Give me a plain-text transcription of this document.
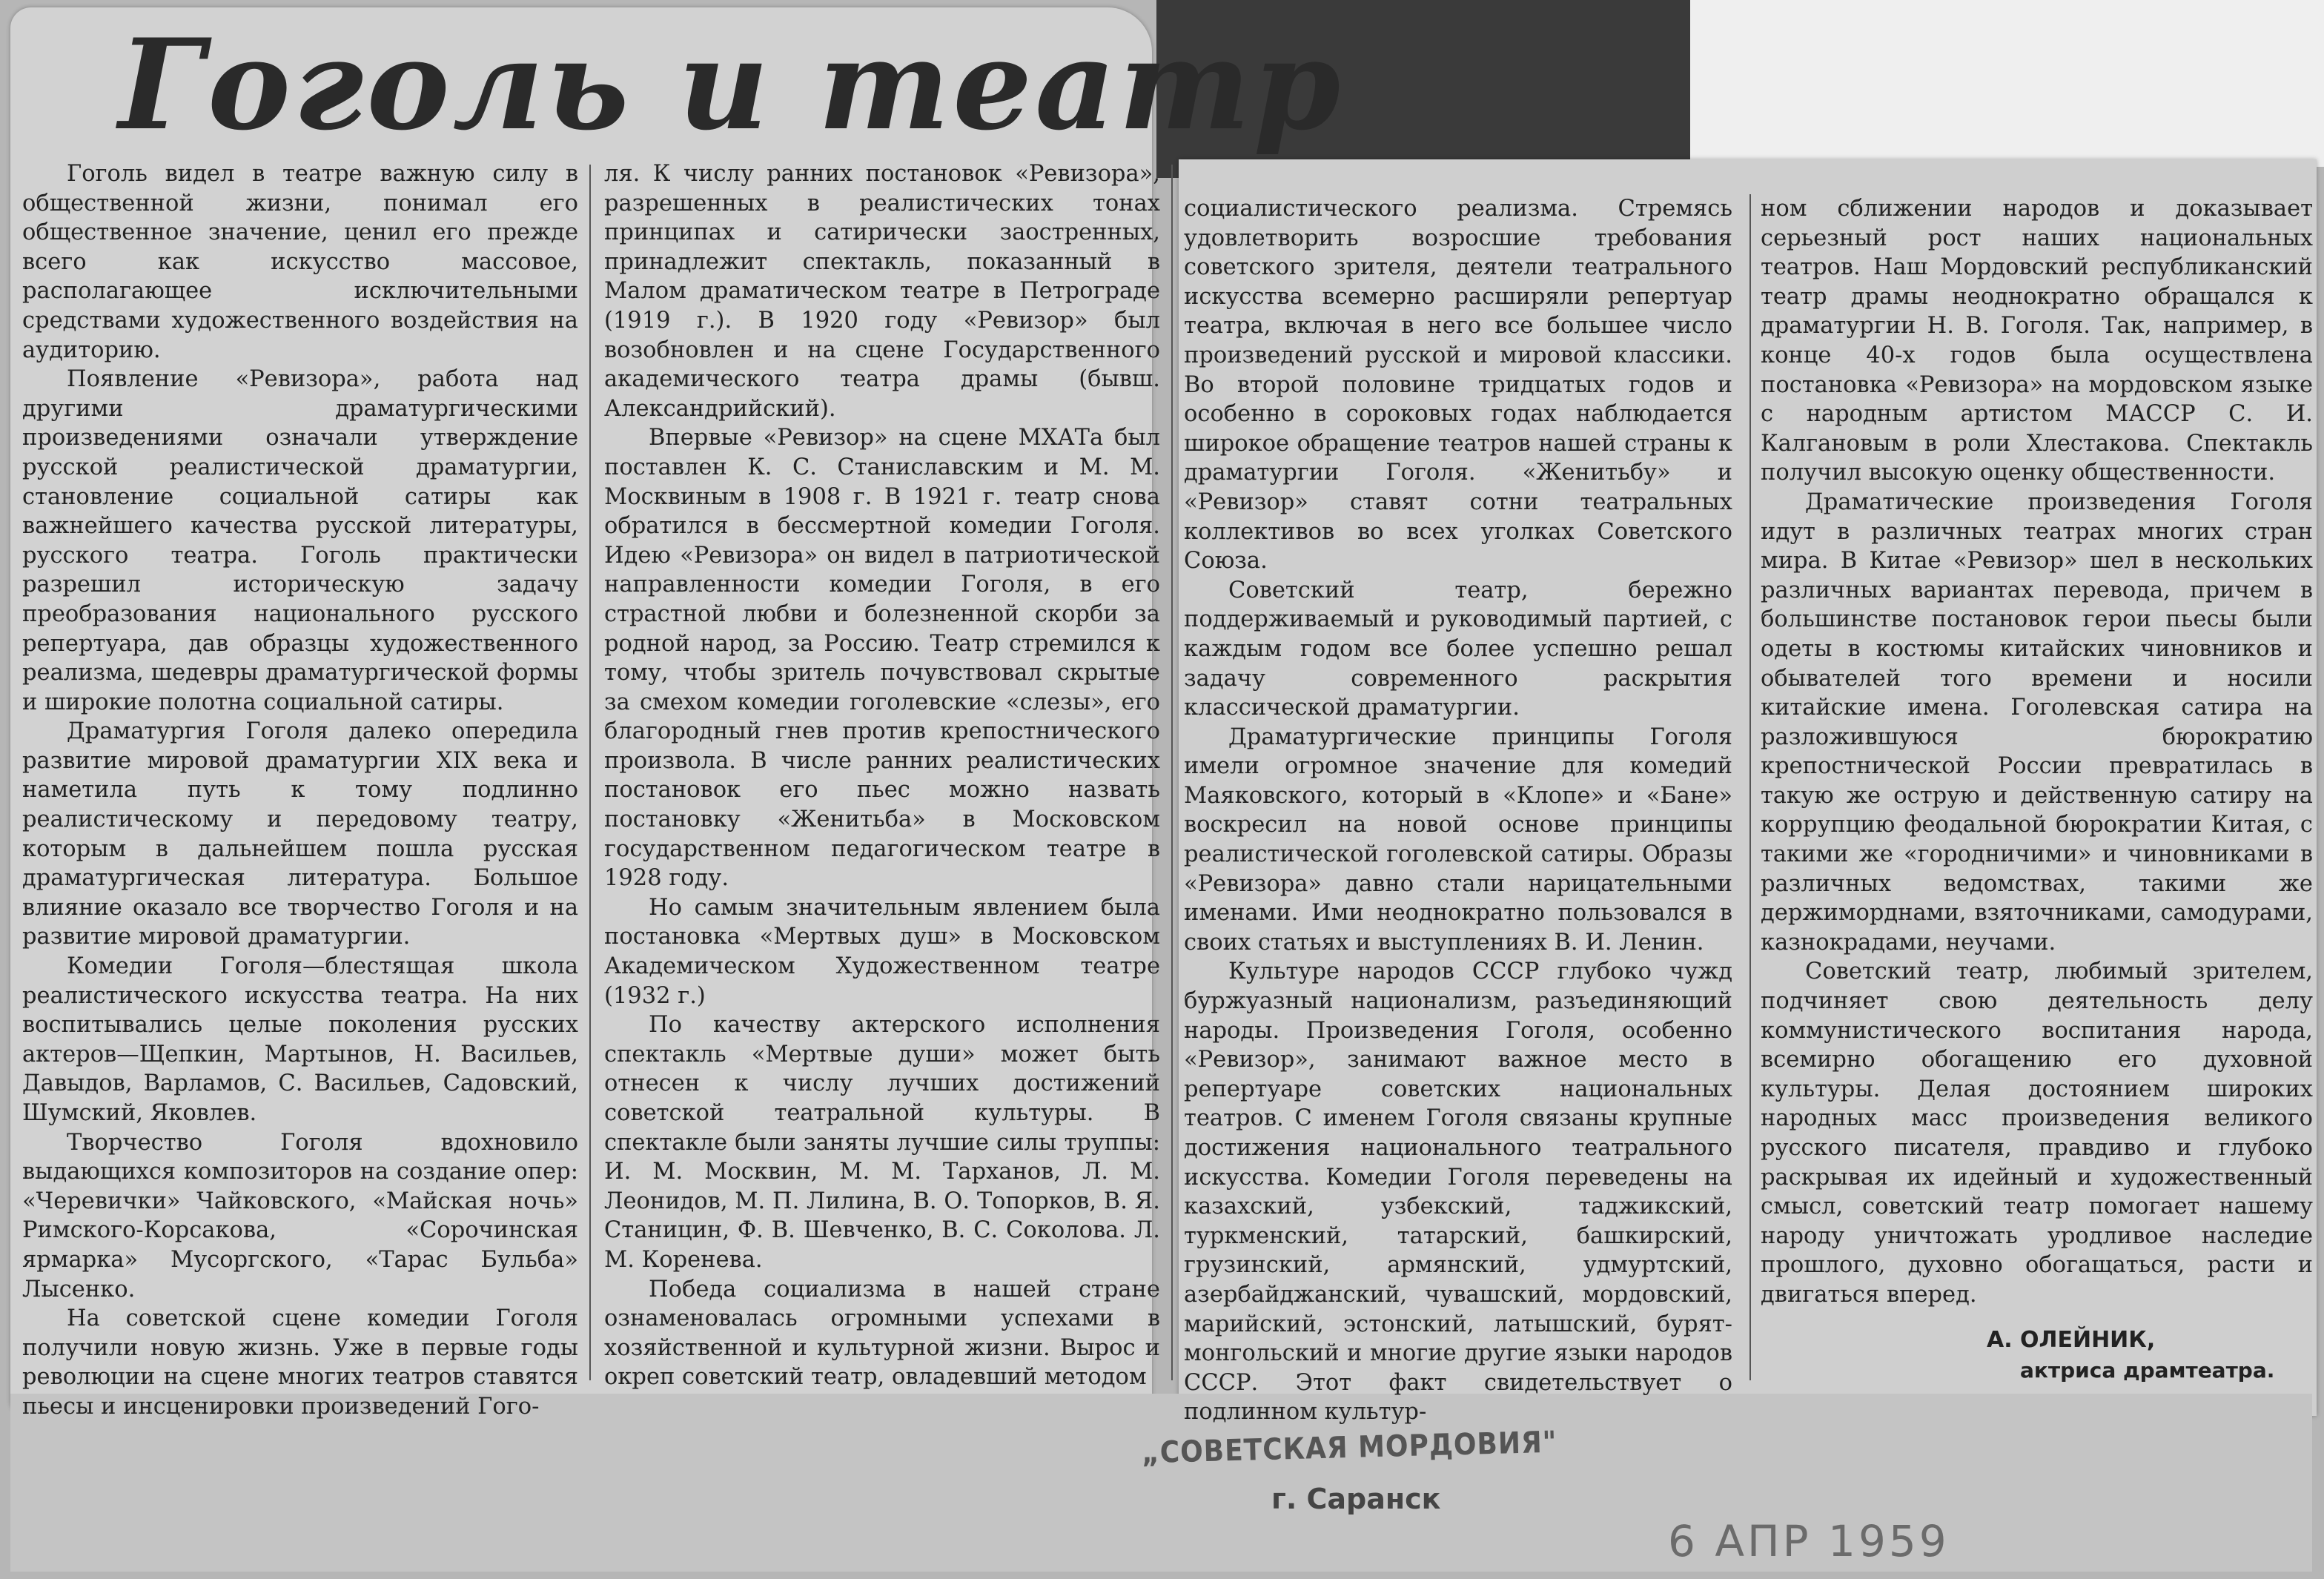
Гоголь и театр

Гоголь видел в театре важную силу в общественной жизни, понимал его общественное значение, ценил его прежде всего как искусство массовое, располагающее исключительными средствами художественного воздействия на аудиторию.

Появление «Ревизора», работа над другими драматургическими произведениями означали утверждение русской реалистической драматургии, становление социальной сатиры как важнейшего качества русской литературы, русского театра. Гоголь практически разрешил историческую задачу преобразования национального русского репертуара, дав образцы художественного реализма, шедевры драматургической формы и широкие полотна социальной сатиры.

Драматургия Гоголя далеко опередила развитие мировой драматургии XIX века и наметила путь к тому подлинно реалистическому и передовому театру, которым в дальнейшем пошла русская драматургическая литература. Большое влияние оказало все творчество Гоголя и на развитие мировой драматургии.

Комедии Гоголя—блестящая школа реалистического искусства театра. На них воспитывались целые поколения русских актеров—Щепкин, Мартынов, Н. Васильев, Давыдов, Варламов, С. Васильев, Садовский, Шумский, Яковлев.

Творчество Гоголя вдохновило выдающихся композиторов на создание опер: «Черевички» Чайковского, «Майская ночь» Римского-Корсакова, «Сорочинская ярмарка» Мусоргского, «Тарас Бульба» Лысенко.

На советской сцене комедии Гоголя получили новую жизнь. Уже в первые годы революции на сцене многих театров ставятся пьесы и инсценировки произведений Гого-

ля. К числу ранних постановок «Ревизора», разрешенных в реалистических тонах принципах и сатирически заостренных, принадлежит спектакль, показанный в Малом драматическом театре в Петрограде (1919 г.). В 1920 году «Ревизор» был возобновлен и на сцене Государственного академического театра драмы (бывш. Александрийский).

Впервые «Ревизор» на сцене МХАТа был поставлен К. С. Станиславским и М. М. Москвиным в 1908 г. В 1921 г. театр снова обратился в бессмертной комедии Гоголя. Идею «Ревизора» он видел в патриотической направленности комедии Гоголя, в его страстной любви и болезненной скорби за родной народ, за Россию. Театр стремился к тому, чтобы зритель почувствовал скрытые за смехом комедии гоголевские «слезы», его благородный гнев против крепостнического произвола. В числе ранних реалистических постановок его пьес можно назвать постановку «Женитьба» в Московском государственном педагогическом театре в 1928 году.

Но самым значительным явлением была постановка «Мертвых душ» в Московском Академическом Художественном театре (1932 г.)

По качеству актерского исполнения спектакль «Мертвые души» может быть отнесен к числу лучших достижений советской театральной культуры. В спектакле были заняты лучшие силы труппы: И. М. Москвин, М. М. Тарханов, Л. М. Леонидов, М. П. Лилина, В. О. Топорков, В. Я. Станицин, Ф. В. Шевченко, В. С. Соколова. Л. М. Коренева.

Победа социализма в нашей стране ознаменовалась огромными успехами в хозяйственной и культурной жизни. Вырос и окреп советский театр, овладевший методом

социалистического реализма. Стремясь удовлетворить возросшие требования советского зрителя, деятели театрального искусства всемерно расширяли репертуар театра, включая в него все большее число произведений русской и мировой классики. Во второй половине тридцатых годов и особенно в сороковых годах наблюдается широкое обращение театров нашей страны к драматургии Гоголя. «Женитьбу» и «Ревизор» ставят сотни театральных коллективов во всех уголках Советского Союза.

Советский театр, бережно поддерживаемый и руководимый партией, с каждым годом все более успешно решал задачу современного раскрытия классической драматургии.

Драматургические принципы Гоголя имели огромное значение для комедий Маяковского, который в «Клопе» и «Бане» воскресил на новой основе принципы реалистической гоголевской сатиры. Образы «Ревизора» давно стали нарицательными именами. Ими неоднократно пользовался в своих статьях и выступлениях В. И. Ленин.

Культуре народов СССР глубоко чужд буржуазный национализм, разъединяющий народы. Произведения Гоголя, особенно «Ревизор», занимают важное место в репертуаре советских национальных театров. С именем Гоголя связаны крупные достижения национального театрального искусства. Комедии Гоголя переведены на казахский, узбекский, таджикский, туркменский, татарский, башкирский, грузинский, армянский, удмуртский, азербайджанский, чувашский, мордовский, марийский, эстонский, латышский, бурят-монгольский и многие другие языки народов СССР. Этот факт свидетельствует о подлинном культур-

ном сближении народов и доказывает серьезный рост наших национальных театров. Наш Мордовский республиканский театр драмы неоднократно обращался к драматургии Н. В. Гоголя. Так, например, в конце 40-х годов была осуществлена постановка «Ревизора» на мордовском языке с народным артистом МАССР С. И. Калгановым в роли Хлестакова. Спектакль получил высокую оценку общественности.

Драматические произведения Гоголя идут в различных театрах многих стран мира. В Китае «Ревизор» шел в нескольких различных вариантах перевода, причем в большинстве постановок герои пьесы были одеты в костюмы китайских чиновников и обывателей того времени и носили китайские имена. Гоголевская сатира на разложившуюся бюрократию крепостнической России превратилась в такую же острую и действенную сатиру на коррупцию феодальной бюрократии Китая, с такими же «городничими» и чиновниками в различных ведомствах, такими же держиморднами, взяточниками, самодурами, казнокрадами, неучами.

Советский театр, любимый зрителем, подчиняет свою деятельность делу коммунистического воспитания народа, всемирно обогащению его духовной культуры. Делая достоянием широких народных масс произведения великого русского писателя, правдиво и глубоко раскрывая их идейный и художественный смысл, советский театр помогает нашему народу уничтожать уродливое наследие прошлого, духовно обогащаться, расти и двигаться вперед.

А. ОЛЕЙНИК,
актриса драмтеатра.
„СОВЕТСКАЯ МОРДОВИЯ"
г. Саранск
6 АПР 1959
